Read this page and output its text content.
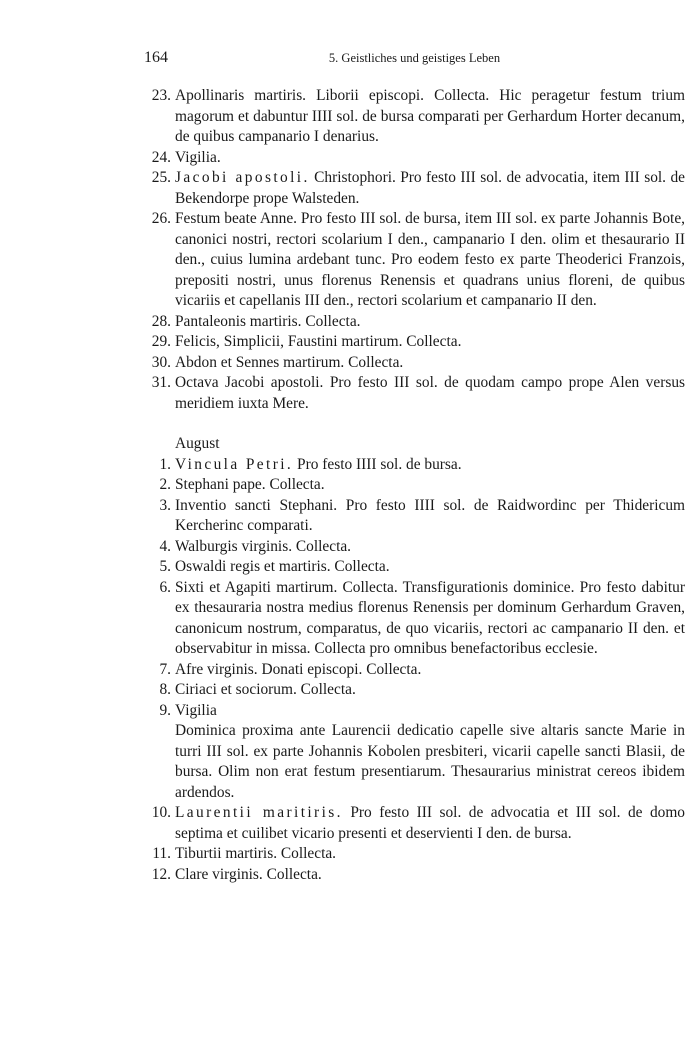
164	5. Geistliches und geistiges Leben
23. Apollinaris martiris. Liborii episcopi. Collecta. Hic peragetur festum trium magorum et dabuntur IIII sol. de bursa comparati per Gerhardum Horter decanum, de quibus campanario I denarius.
24. Vigilia.
25. Jacobi apostoli. Christophori. Pro festo III sol. de advocatia, item III sol. de Bekendorpe prope Walsteden.
26. Festum beate Anne. Pro festo III sol. de bursa, item III sol. ex parte Johannis Bote, canonici nostri, rectori scolarium I den., campanario I den. olim et thesaurario II den., cuius lumina ardebant tunc. Pro eodem festo ex parte Theoderici Franzois, prepositi nostri, unus florenus Renensis et quadrans unius floreni, de quibus vicariis et capellanis III den., rectori scolarium et campanario II den.
28. Pantaleonis martiris. Collecta.
29. Felicis, Simplicii, Faustini martirum. Collecta.
30. Abdon et Sennes martirum. Collecta.
31. Octava Jacobi apostoli. Pro festo III sol. de quodam campo prope Alen versus meridiem iuxta Mere.
August
1. Vincula Petri. Pro festo IIII sol. de bursa.
2. Stephani pape. Collecta.
3. Inventio sancti Stephani. Pro festo IIII sol. de Raidwordinc per Thidericum Kercherinc comparati.
4. Walburgis virginis. Collecta.
5. Oswaldi regis et martiris. Collecta.
6. Sixti et Agapiti martirum. Collecta. Transfigurationis dominice. Pro festo dabitur ex thesauraria nostra medius florenus Renensis per dominum Gerhardum Graven, canonicum nostrum, comparatus, de quo vicariis, rectori ac campanario II den. et observabitur in missa. Collecta pro omnibus benefactoribus ecclesie.
7. Afre virginis. Donati episcopi. Collecta.
8. Ciriaci et sociorum. Collecta.
9. Vigilia
Dominica proxima ante Laurencii dedicatio capelle sive altaris sancte Marie in turri III sol. ex parte Johannis Kobolen presbiteri, vicarii capelle sancti Blasii, de bursa. Olim non erat festum presentiarum. Thesaurarius ministrat cereos ibidem ardendos.
10. Laurentii maritiris. Pro festo III sol. de advocatia et III sol. de domo septima et cuilibet vicario presenti et deservienti I den. de bursa.
11. Tiburtii martiris. Collecta.
12. Clare virginis. Collecta.
